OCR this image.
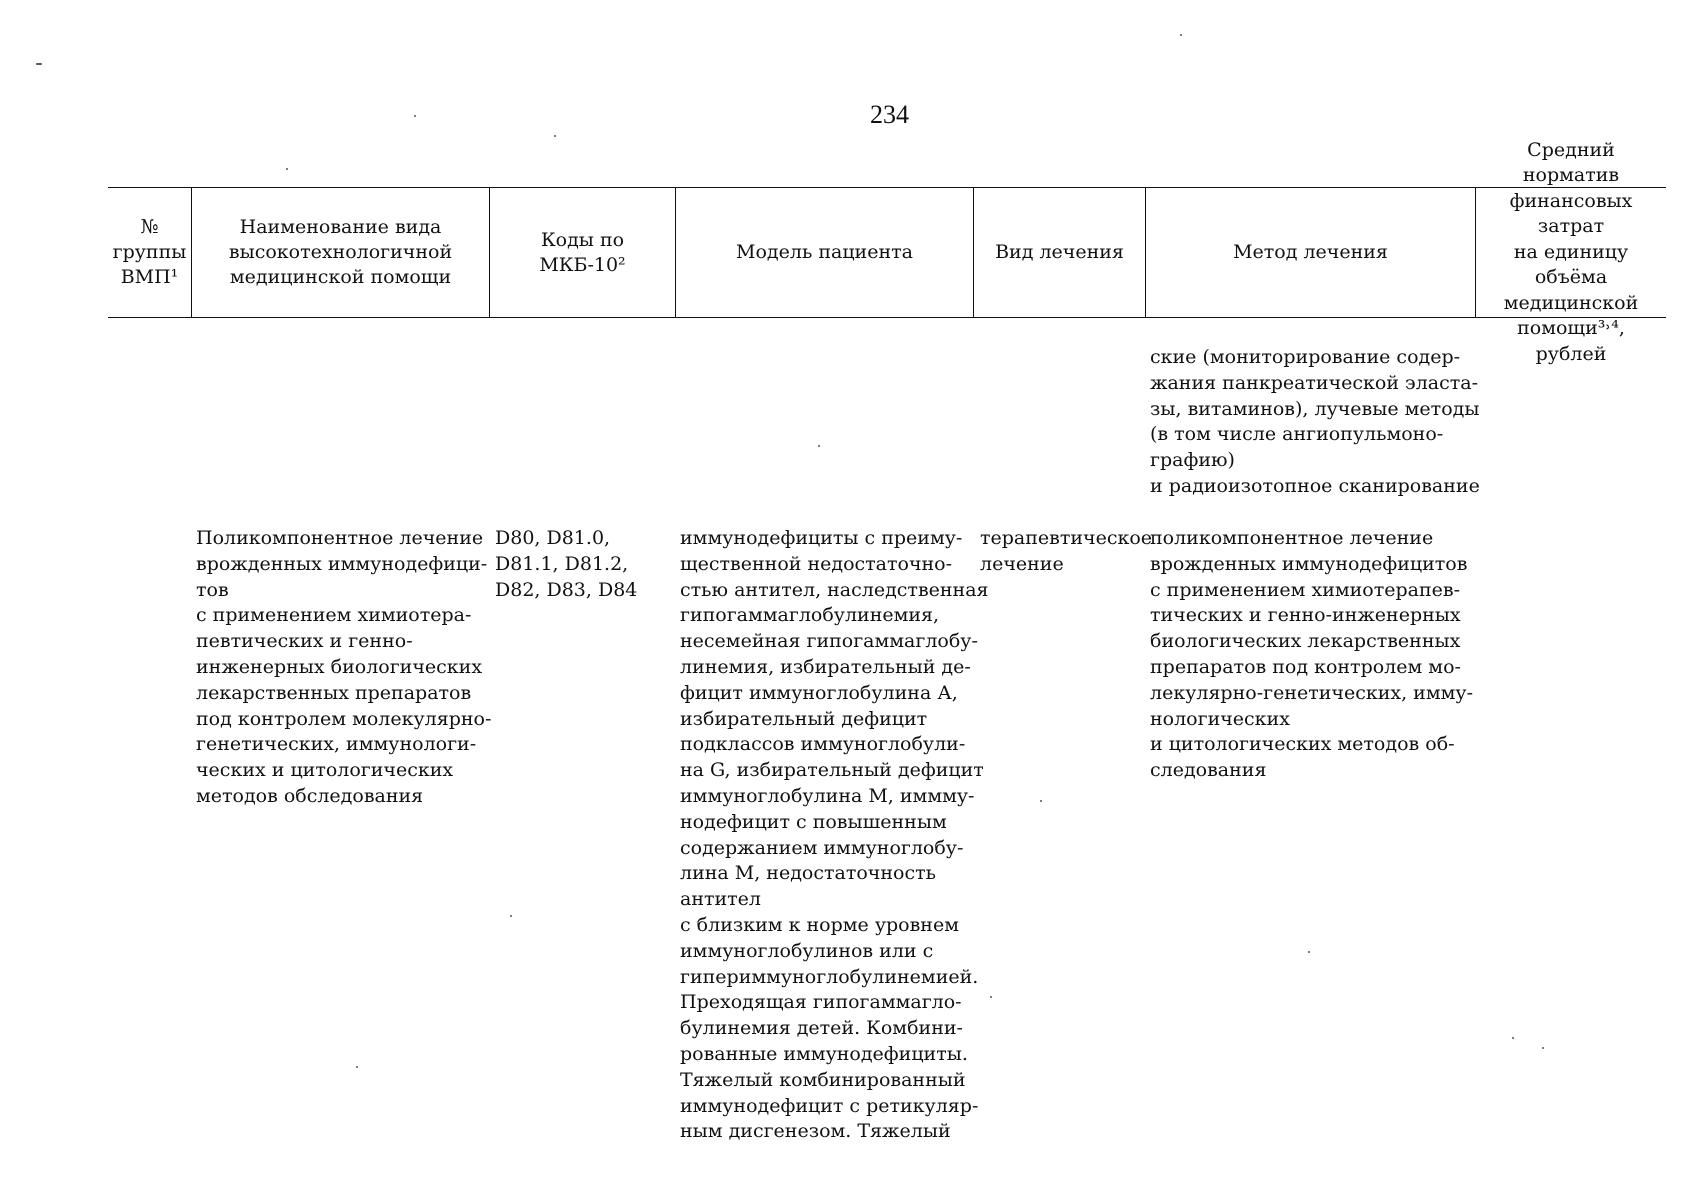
234
№
группы
ВМП¹
Наименование вида
высокотехнологичной
медицинской помощи
Коды по
МКБ-10²
Модель пациента	Вид лечения	Метод лечения
Средний норматив
финансовых затрат
на единицу объёма
медицинской
помощи³˒⁴, рублей
ские (мониторирование содер-
жания панкреатической эласта-
зы, витаминов), лучевые методы
(в том числе ангиопульмоно-
графию)
и радиоизотопное сканирование
Поликомпонентное лечение
врожденных иммунодефици-
тов
с применением химиотера-
певтических и генно-
инженерных биологических
лекарственных препаратов
под контролем молекулярно-
генетических, иммунологи-
ческих и цитологических
методов обследования
D80, D81.0,
D81.1, D81.2,
D82, D83, D84
иммунодефициты с преиму-
щественной недостаточно-
стью антител, наследственная
гипогаммаглобулинемия,
несемейная гипогаммаглобу-
линемия, избирательный де-
фицит иммуноглобулина А,
избирательный дефицит
подклассов иммуноглобули-
на G, избирательный дефицит
иммуноглобулина М, иммму-
нодефицит с повышенным
содержанием иммуноглобу-
лина М, недостаточность
антител
с близким к норме уровнем
иммуноглобулинов или с
гипериммуноглобулинемией.
Преходящая гипогаммагло-
булинемия детей. Комбини-
рованные иммунодефициты.
Тяжелый комбинированный
иммунодефицит с ретикуляр-
ным дисгенезом. Тяжелый
терапевтическое
лечение
поликомпонентное лечение
врожденных иммунодефицитов
с применением химиотерапев-
тических и генно-инженерных
биологических лекарственных
препаратов под контролем мо-
лекулярно-генетических, имму-
нологических
и цитологических методов об-
следования
